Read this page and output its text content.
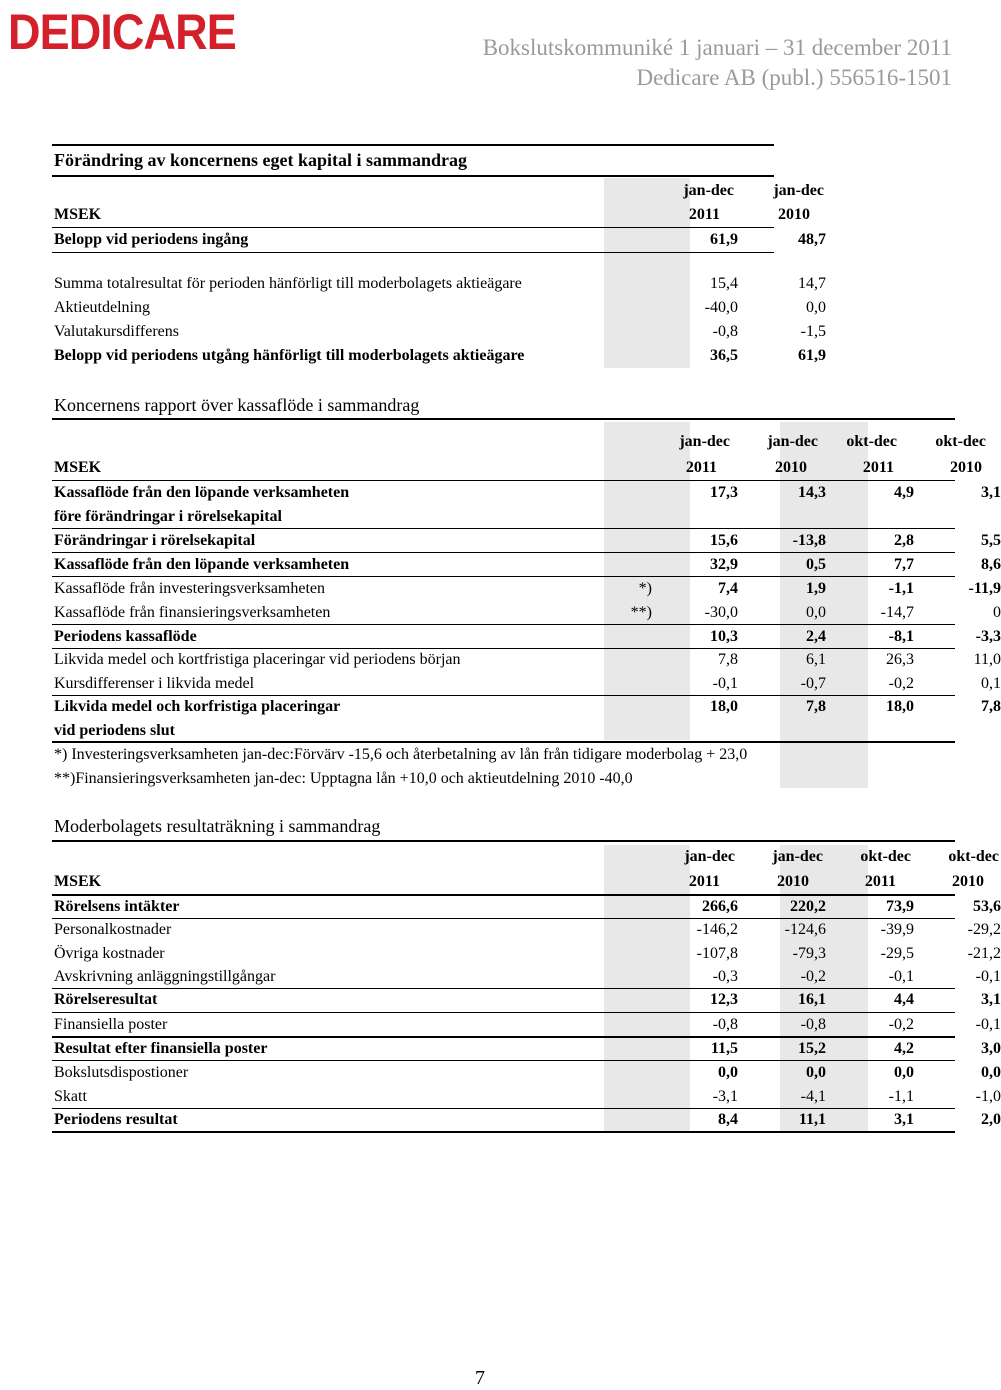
DEDICARE	Bokslutskommuniké 1 januari – 31 december 2011
Dedicare AB (publ.) 556516-1501
Förändring av koncernens eget kapital i sammandrag
jan-dec	jan-dec
MSEK	2011	2010
Belopp vid periodens ingång	61,9	48,7
Summa totalresultat för perioden hänförligt till moderbolagets aktieägare	15,4	14,7
Aktieutdelning	-40,0	0,0
Valutakursdifferens	-0,8	-1,5
Belopp vid periodens utgång hänförligt till moderbolagets aktieägare	36,5	61,9
Koncernens rapport över kassaflöde i sammandrag
jan-dec	jan-dec	okt-dec	okt-dec
MSEK	2011	2010	2011	2010
Kassaflöde från den löpande verksamheten	17,3	14,3	4,9	3,1
före förändringar i rörelsekapital
Förändringar i rörelsekapital	15,6	-13,8	2,8	5,5
Kassaflöde från den löpande verksamheten	32,9	0,5	7,7	8,6
Kassaflöde från investeringsverksamheten	*)	7,4	1,9	-1,1	-11,9
Kassaflöde från finansieringsverksamheten	**)	-30,0	0,0	-14,7	0
Periodens kassaflöde	10,3	2,4	-8,1	-3,3
Likvida medel och kortfristiga placeringar vid periodens början	7,8	6,1	26,3	11,0
Kursdifferenser i likvida medel	-0,1	-0,7	-0,2	0,1
Likvida medel och korfristiga placeringar	18,0	7,8	18,0	7,8
vid periodens slut
*) Investeringsverksamheten jan-dec:Förvärv -15,6 och återbetalning av lån från tidigare moderbolag + 23,0
**)Finansieringsverksamheten jan-dec: Upptagna lån +10,0 och aktieutdelning 2010 -40,0
Moderbolagets resultaträkning i sammandrag
jan-dec	jan-dec	okt-dec	okt-dec
MSEK	2011	2010	2011	2010
Rörelsens intäkter	266,6	220,2	73,9	53,6
Personalkostnader	-146,2	-124,6	-39,9	-29,2
Övriga kostnader	-107,8	-79,3	-29,5	-21,2
Avskrivning anläggningstillgångar	-0,3	-0,2	-0,1	-0,1
Rörelseresultat	12,3	16,1	4,4	3,1
Finansiella poster	-0,8	-0,8	-0,2	-0,1
Resultat efter finansiella poster	11,5	15,2	4,2	3,0
Bokslutsdispostioner	0,0	0,0	0,0	0,0
Skatt	-3,1	-4,1	-1,1	-1,0
Periodens resultat	8,4	11,1	3,1	2,0
7
